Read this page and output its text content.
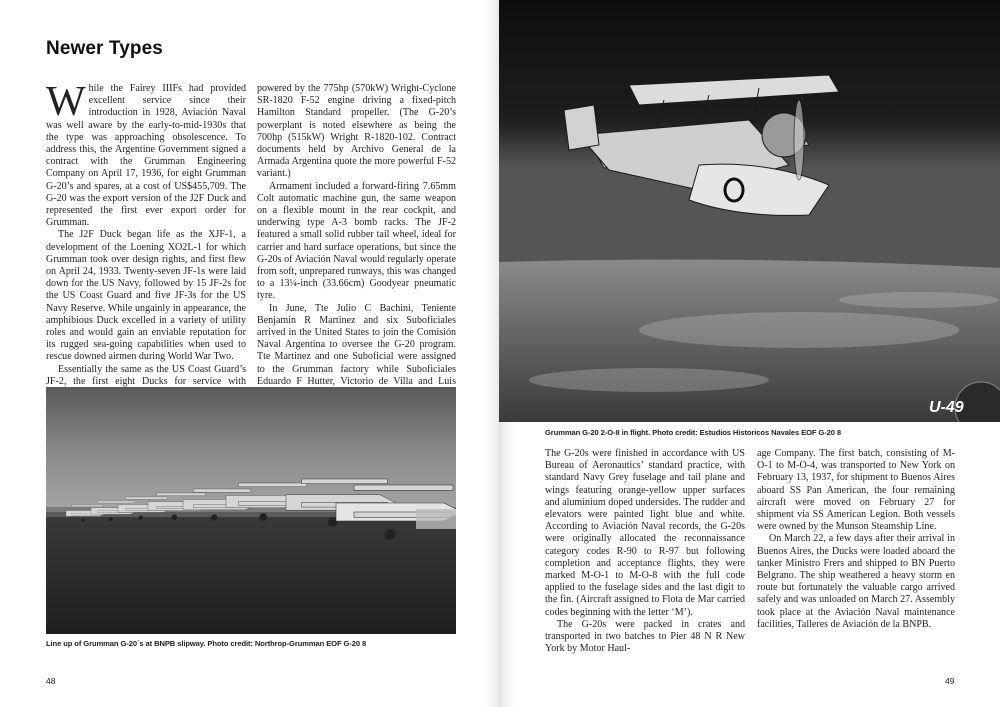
Newer Types

While the Fairey IIIFs had provided excellent service since their introduction in 1928, Aviación Naval was well aware by the early-to-mid-1930s that the type was approaching obsolescence. To address this, the Argentine Government signed a contract with the Grumman Engineering Company on April 17, 1936, for eight Grumman G-20’s and spares, at a cost of US$455,709. The G-20 was the export version of the J2F Duck and represented the first ever export order for Grumman.

The J2F Duck began life as the XJF-1, a development of the Loening XO2L-1 for which Grumman took over design rights, and first flew on April 24, 1933. Twenty-seven JF-1s were laid down for the US Navy, followed by 15 JF-2s for the US Coast Guard and five JF-3s for the US Navy Reserve. While ungainly in appearance, the amphibious Duck excelled in a variety of utility roles and would gain an enviable reputation for its rugged sea-going capabilities when used to rescue downed airmen during World War Two.

Essentially the same as the US Coast Guard’s JF-2, the first eight Ducks for service with

powered by the 775hp (570kW) Wright-Cyclone SR-1820 F-52 engine driving a fixed-pitch Hamilton Standard propeller. (The G-20’s powerplant is noted elsewhere as being the 700hp (515kW) Wright R-1820-102. Contract documents held by Archivo General de la Armada Argentina quote the more powerful F-52 variant.)

Armament included a forward-firing 7.65mm Colt automatic machine gun, the same weapon on a flexible mount in the rear cockpit, and underwing type A-3 bomb racks. The JF-2 featured a small solid rubber tail wheel, ideal for carrier and hard surface operations, but since the G-20s of Aviación Naval would regularly operate from soft, unprepared runways, this was changed to a 13¼-inch (33.66cm) Goodyear pneumatic tyre.

In June, Tte Julio C Bachini, Teniente Benjamin R Martinez and six Suboficiales arrived in the United States to join the Comisión Naval Argentina to oversee the G-20 program. Tte Martinez and one Suboficial were assigned to the Grumman factory while Suboficiales Eduardo F Hutter, Victorio de Villa and Luis

Line up of Grumman G-20´s at BNPB slipway. Photo credit: Northrop-Grumman EOF G-20 8
48
U-49
Grumman G-20 2-O-8 in flight. Photo credit: Estudios Historicos Navales EOF G-20 8

The G-20s were finished in accordance with US Bureau of Aeronautics’ standard practice, with standard Navy Grey fuselage and tail plane and wings featuring orange-yellow upper surfaces and aluminium doped undersides. The rudder and elevators were painted light blue and white. According to Aviación Naval records, the G-20s were originally allocated the reconnaissance category codes R-90 to R-97 but following completion and acceptance flights, they were marked M-O-1 to M-O-8 with the full code applied to the fuselage sides and the last digit to the fin. (Aircraft assigned to Flota de Mar carried codes beginning with the letter ‘M’).

The G-20s were packed in crates and transported in two batches to Pier 48 N R New York by Motor Haul-

age Company. The first batch, consisting of M-O-1 to M-O-4, was transported to New York on February 13, 1937, for shipment to Buenos Aires aboard SS Pan American, the four remaining aircraft were moved on February 27 for shipment via SS American Legion. Both vessels were owned by the Munson Steamship Line.

On March 22, a few days after their arrival in Buenos Aires, the Ducks were loaded aboard the tanker Ministro Frers and shipped to BN Puerto Belgrano. The ship weathered a heavy storm en route but fortunately the valuable cargo arrived safely and was unloaded on March 27. Assembly took place at the Aviación Naval maintenance facilities, Talleres de Aviación de la BNPB.

49
